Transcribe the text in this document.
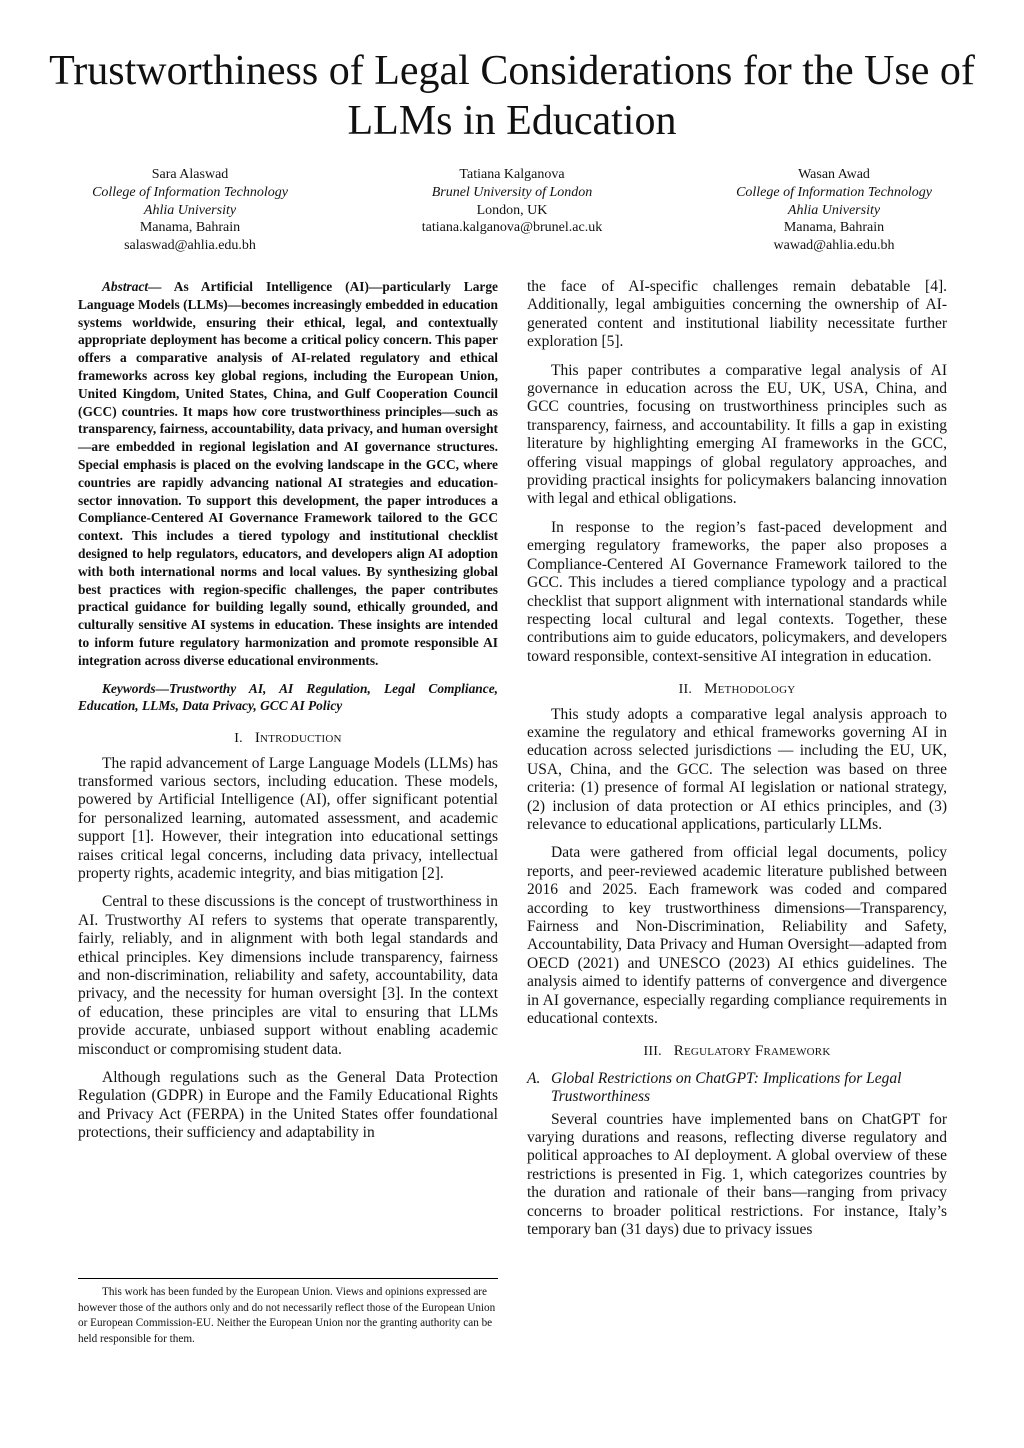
Trustworthiness of Legal Considerations for the Use of LLMs in Education
Sara Alaswad
College of Information Technology
Ahlia University
Manama, Bahrain
salaswad@ahlia.edu.bh
Tatiana Kalganova
Brunel University of London
London, UK
tatiana.kalganova@brunel.ac.uk
Wasan Awad
College of Information Technology
Ahlia University
Manama, Bahrain
wawad@ahlia.edu.bh

Abstract— As Artificial Intelligence (AI)—particularly Large Language Models (LLMs)—becomes increasingly embedded in education systems worldwide, ensuring their ethical, legal, and contextually appropriate deployment has become a critical policy concern. This paper offers a comparative analysis of AI-related regulatory and ethical frameworks across key global regions, including the European Union, United Kingdom, United States, China, and Gulf Cooperation Council (GCC) countries. It maps how core trustworthiness principles—such as transparency, fairness, accountability, data privacy, and human oversight—are embedded in regional legislation and AI governance structures. Special emphasis is placed on the evolving landscape in the GCC, where countries are rapidly advancing national AI strategies and education-sector innovation. To support this development, the paper introduces a Compliance-Centered AI Governance Framework tailored to the GCC context. This includes a tiered typology and institutional checklist designed to help regulators, educators, and developers align AI adoption with both international norms and local values. By synthesizing global best practices with region-specific challenges, the paper contributes practical guidance for building legally sound, ethically grounded, and culturally sensitive AI systems in education. These insights are intended to inform future regulatory harmonization and promote responsible AI integration across diverse educational environments.

Keywords—Trustworthy AI, AI Regulation, Legal Compliance, Education, LLMs, Data Privacy, GCC AI Policy

I. Introduction

The rapid advancement of Large Language Models (LLMs) has transformed various sectors, including education. These models, powered by Artificial Intelligence (AI), offer significant potential for personalized learning, automated assessment, and academic support [1]. However, their integration into educational settings raises critical legal concerns, including data privacy, intellectual property rights, academic integrity, and bias mitigation [2].

Central to these discussions is the concept of trustworthiness in AI. Trustworthy AI refers to systems that operate transparently, fairly, reliably, and in alignment with both legal standards and ethical principles. Key dimensions include transparency, fairness and non-discrimination, reliability and safety, accountability, data privacy, and the necessity for human oversight [3]. In the context of education, these principles are vital to ensuring that LLMs provide accurate, unbiased support without enabling academic misconduct or compromising student data.

Although regulations such as the General Data Protection Regulation (GDPR) in Europe and the Family Educational Rights and Privacy Act (FERPA) in the United States offer foundational protections, their sufficiency and adaptability in

This work has been funded by the European Union. Views and opinions expressed are however those of the authors only and do not necessarily reflect those of the European Union or European Commission-EU. Neither the European Union nor the granting authority can be held responsible for them.

the face of AI-specific challenges remain debatable [4]. Additionally, legal ambiguities concerning the ownership of AI-generated content and institutional liability necessitate further exploration [5].

This paper contributes a comparative legal analysis of AI governance in education across the EU, UK, USA, China, and GCC countries, focusing on trustworthiness principles such as transparency, fairness, and accountability. It fills a gap in existing literature by highlighting emerging AI frameworks in the GCC, offering visual mappings of global regulatory approaches, and providing practical insights for policymakers balancing innovation with legal and ethical obligations.

In response to the region’s fast-paced development and emerging regulatory frameworks, the paper also proposes a Compliance-Centered AI Governance Framework tailored to the GCC. This includes a tiered compliance typology and a practical checklist that support alignment with international standards while respecting local cultural and legal contexts. Together, these contributions aim to guide educators, policymakers, and developers toward responsible, context-sensitive AI integration in education.

II. Methodology

This study adopts a comparative legal analysis approach to examine the regulatory and ethical frameworks governing AI in education across selected jurisdictions — including the EU, UK, USA, China, and the GCC. The selection was based on three criteria: (1) presence of formal AI legislation or national strategy, (2) inclusion of data protection or AI ethics principles, and (3) relevance to educational applications, particularly LLMs.

Data were gathered from official legal documents, policy reports, and peer-reviewed academic literature published between 2016 and 2025. Each framework was coded and compared according to key trustworthiness dimensions—Transparency, Fairness and Non-Discrimination, Reliability and Safety, Accountability, Data Privacy and Human Oversight—adapted from OECD (2021) and UNESCO (2023) AI ethics guidelines. The analysis aimed to identify patterns of convergence and divergence in AI governance, especially regarding compliance requirements in educational contexts.

III. Regulatory Framework
A. Global Restrictions on ChatGPT: Implications for Legal Trustworthiness

Several countries have implemented bans on ChatGPT for varying durations and reasons, reflecting diverse regulatory and political approaches to AI deployment. A global overview of these restrictions is presented in Fig. 1, which categorizes countries by the duration and rationale of their bans—ranging from privacy concerns to broader political restrictions. For instance, Italy’s temporary ban (31 days) due to privacy issues
